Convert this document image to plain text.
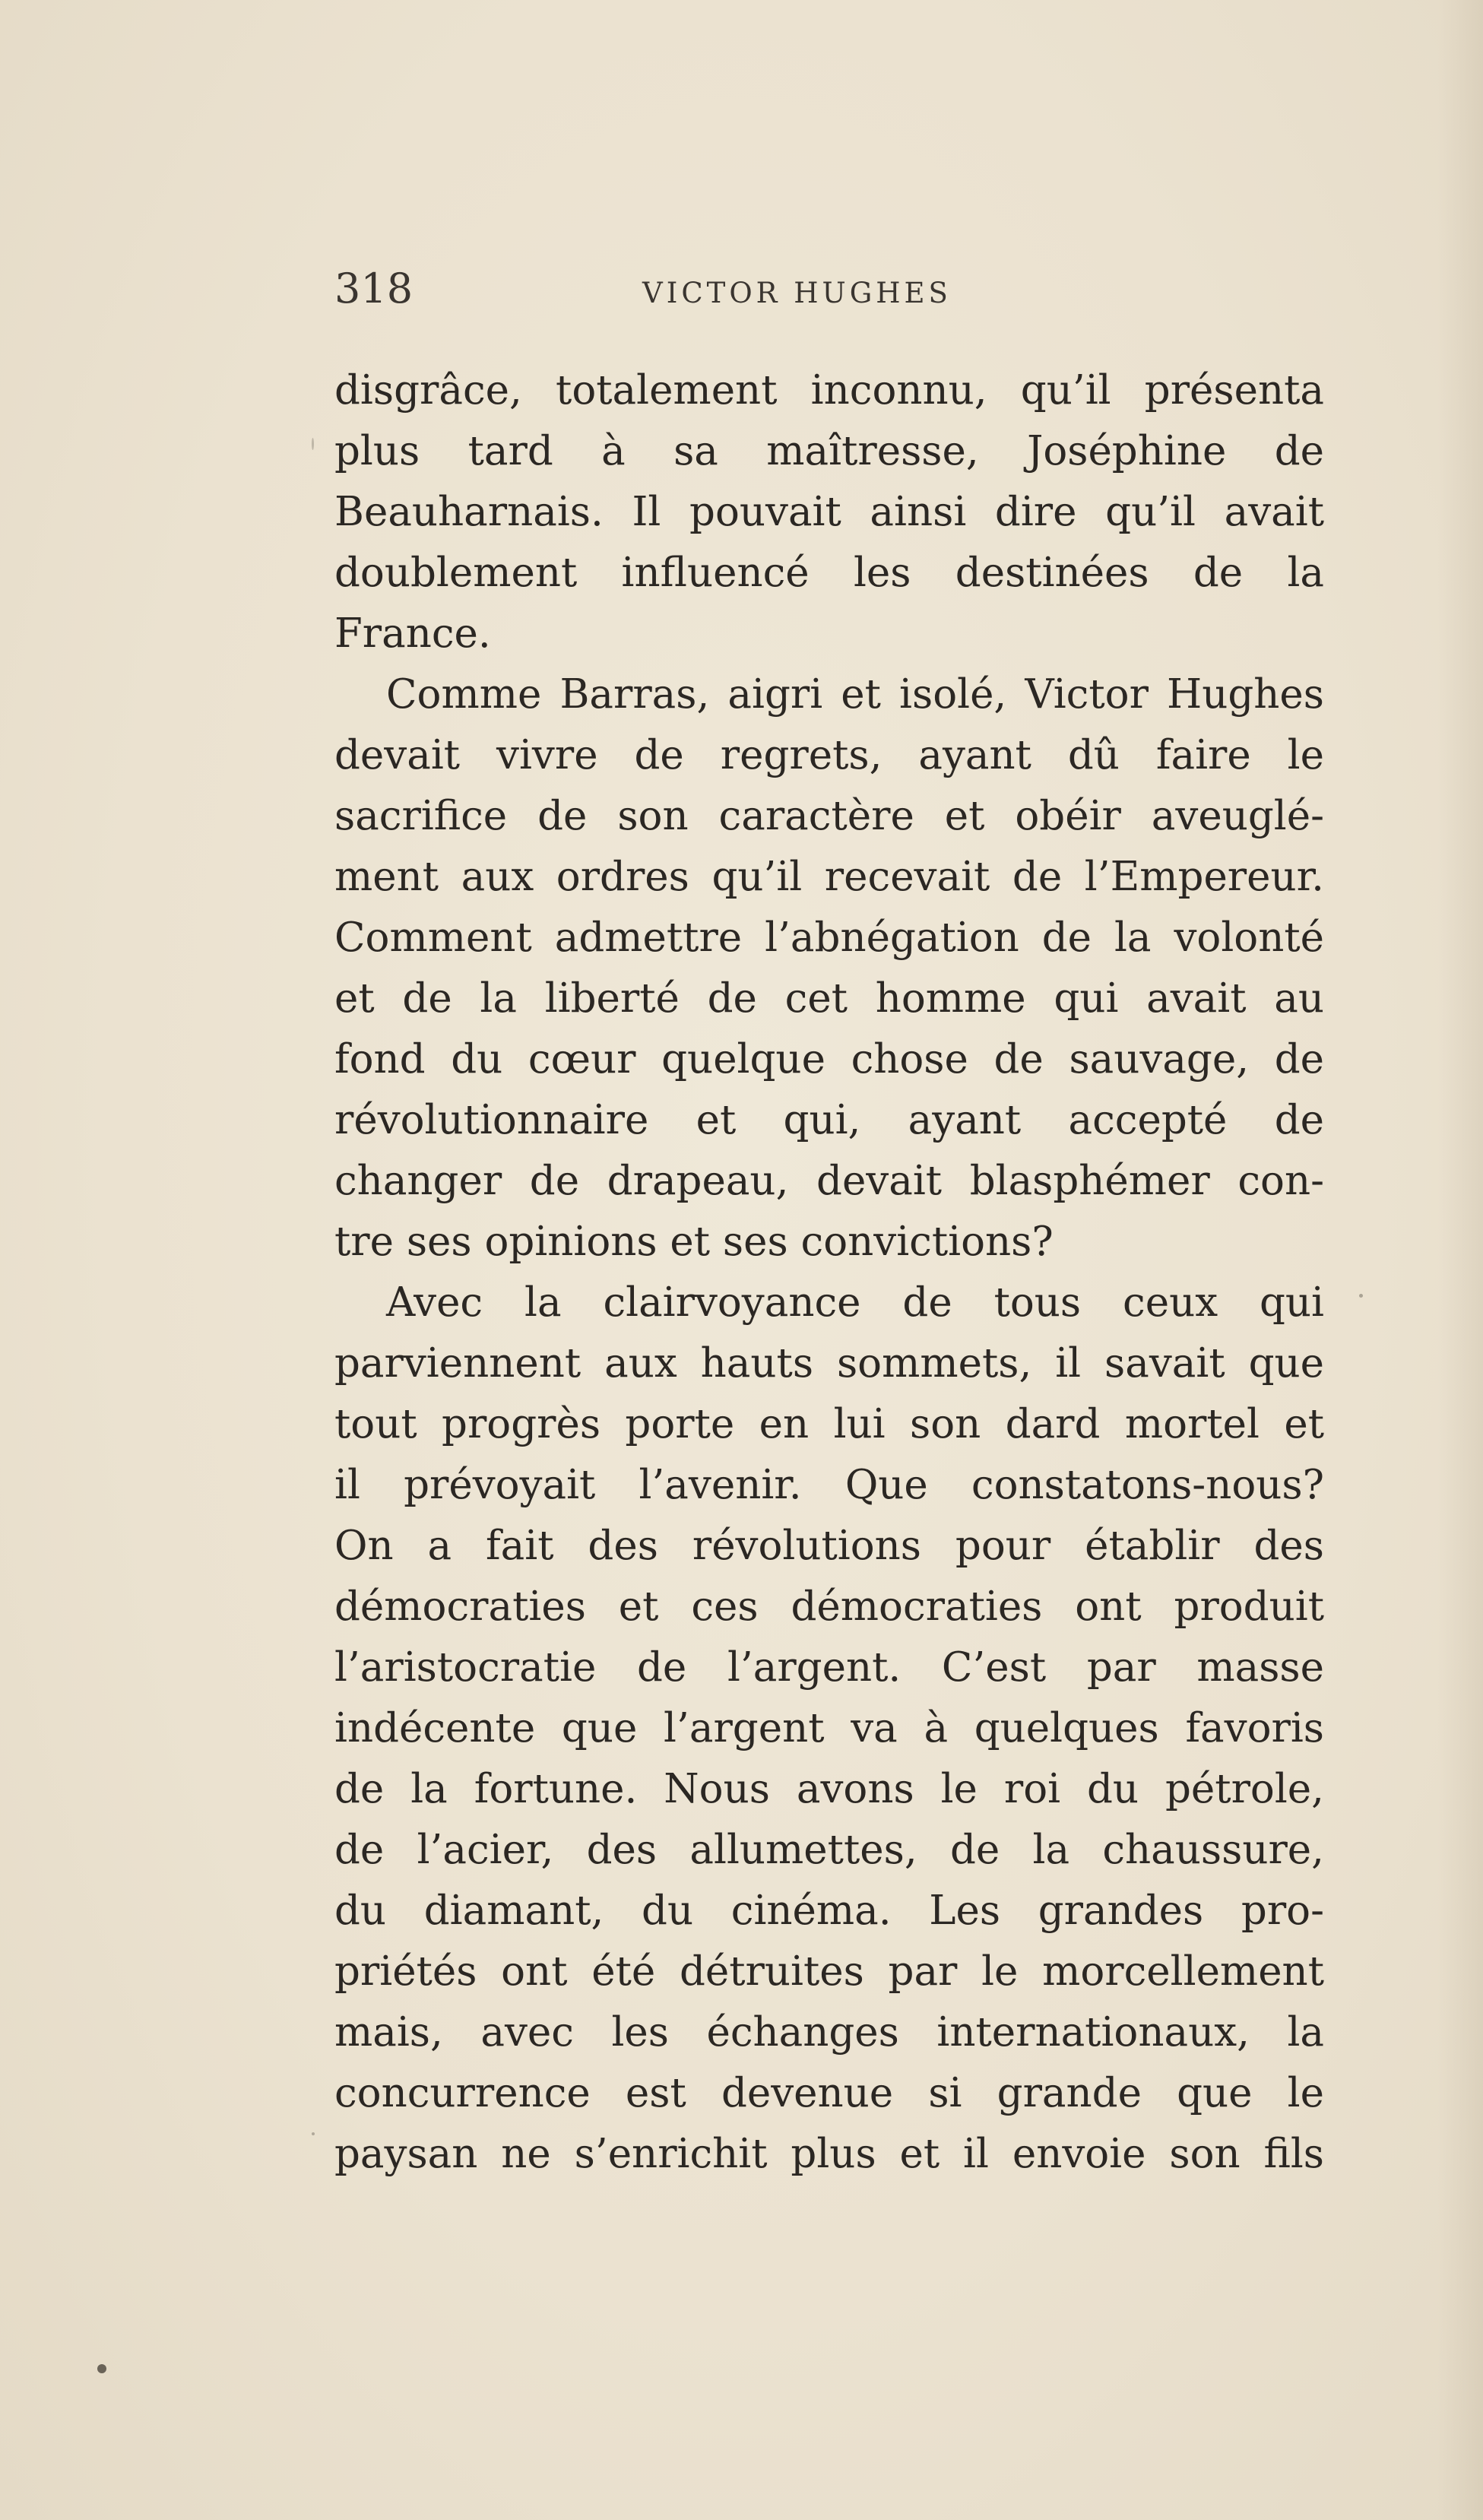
318	VICTOR HUGHES
disgrâce, totalement inconnu, qu’il présenta
plus tard à sa maîtresse, Joséphine de
Beauharnais. Il pouvait ainsi dire qu’il avait
doublement influencé les destinées de la
France.
Comme Barras, aigri et isolé, Victor Hughes
devait vivre de regrets, ayant dû faire le
sacrifice de son caractère et obéir aveuglé-
ment aux ordres qu’il recevait de l’Empereur.
Comment admettre l’abnégation de la volonté
et de la liberté de cet homme qui avait au
fond du cœur quelque chose de sauvage, de
révolutionnaire et qui, ayant accepté de
changer de drapeau, devait blasphémer con-
tre ses opinions et ses convictions?
Avec la clairvoyance de tous ceux qui
parviennent aux hauts sommets, il savait que
tout progrès porte en lui son dard mortel et
il prévoyait l’avenir. Que constatons-nous?
On a fait des révolutions pour établir des
démocraties et ces démocraties ont produit
l’aristocratie de l’argent. C’est par masse
indécente que l’argent va à quelques favoris
de la fortune. Nous avons le roi du pétrole,
de l’acier, des allumettes, de la chaussure,
du diamant, du cinéma. Les grandes pro-
priétés ont été détruites par le morcellement
mais, avec les échanges internationaux, la
concurrence est devenue si grande que le
paysan ne s’enrichit plus et il envoie son fils
